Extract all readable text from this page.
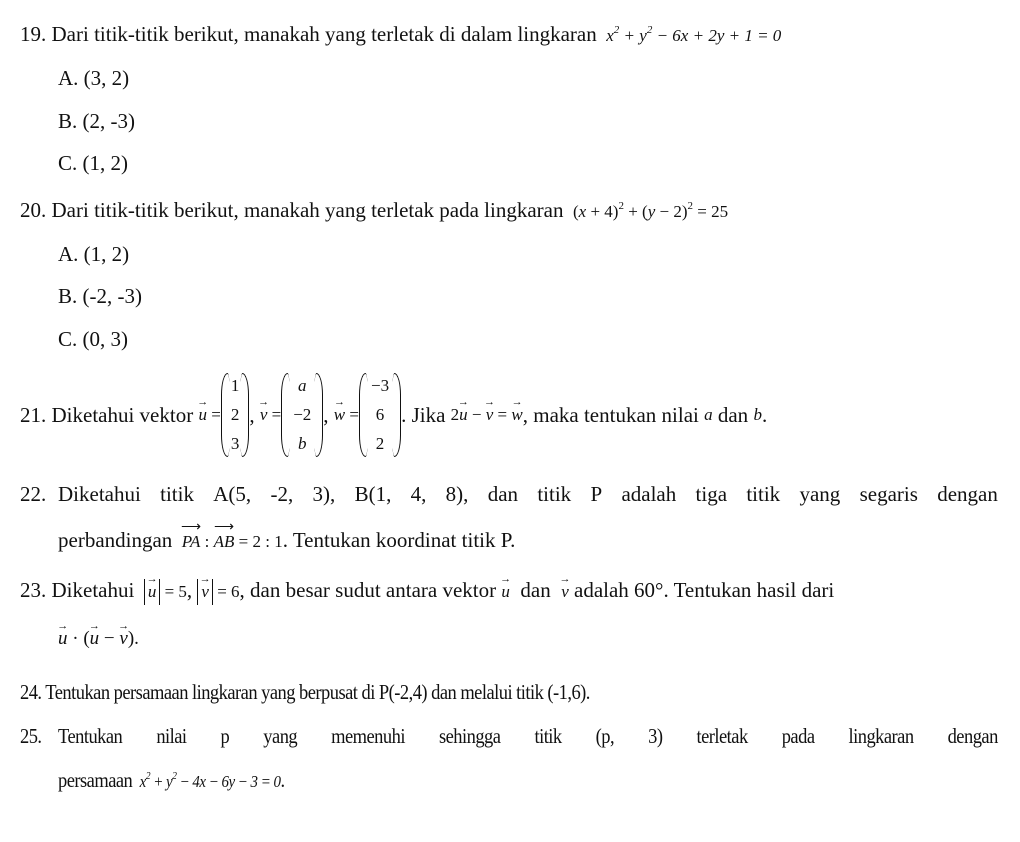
19. Dari titik-titik berikut, manakah yang terletak di dalam lingkaran  $x^2 + y^2 - 6x + 2y + 1 = 0$
A. (3, 2)
B. (2, -3)
C. (1, 2)
20. Dari titik-titik berikut, manakah yang terletak pada lingkaran  $(x + 4)^2 + (y - 2)^2 = 25$
A. (1, 2)
B. (-2, -3)
C. (0, 3)
21.
Diketahui vektor
→ u =
1
2
3
, → v =
a
−2
b
, → w =
−3
6
2
. Jika
2→ u − → v = → w , maka tentukan nilai
a
dan
b .
22. Diketahui titik A(5, -2, 3), B(1, 4, 8), dan titik P adalah tiga titik yang segaris dengan
perbandingan ⟶ PA : ⟶ AB = 2 : 1. Tentukan koordinat titik P.
23. Diketahui → u = 5, → v = 6, dan besar sudut antara vektor → u dan → v adalah 60°. Tentukan hasil dari
→ u · (→ u − → v).
24. Tentukan persamaan lingkaran yang berpusat di P(-2,4) dan melalui titik (-1,6).
25. Tentukan nilai p yang memenuhi sehingga titik (p, 3) terletak pada lingkaran dengan
persamaan  $x^2 + y^2 - 4x - 6y - 3 = 0$.
